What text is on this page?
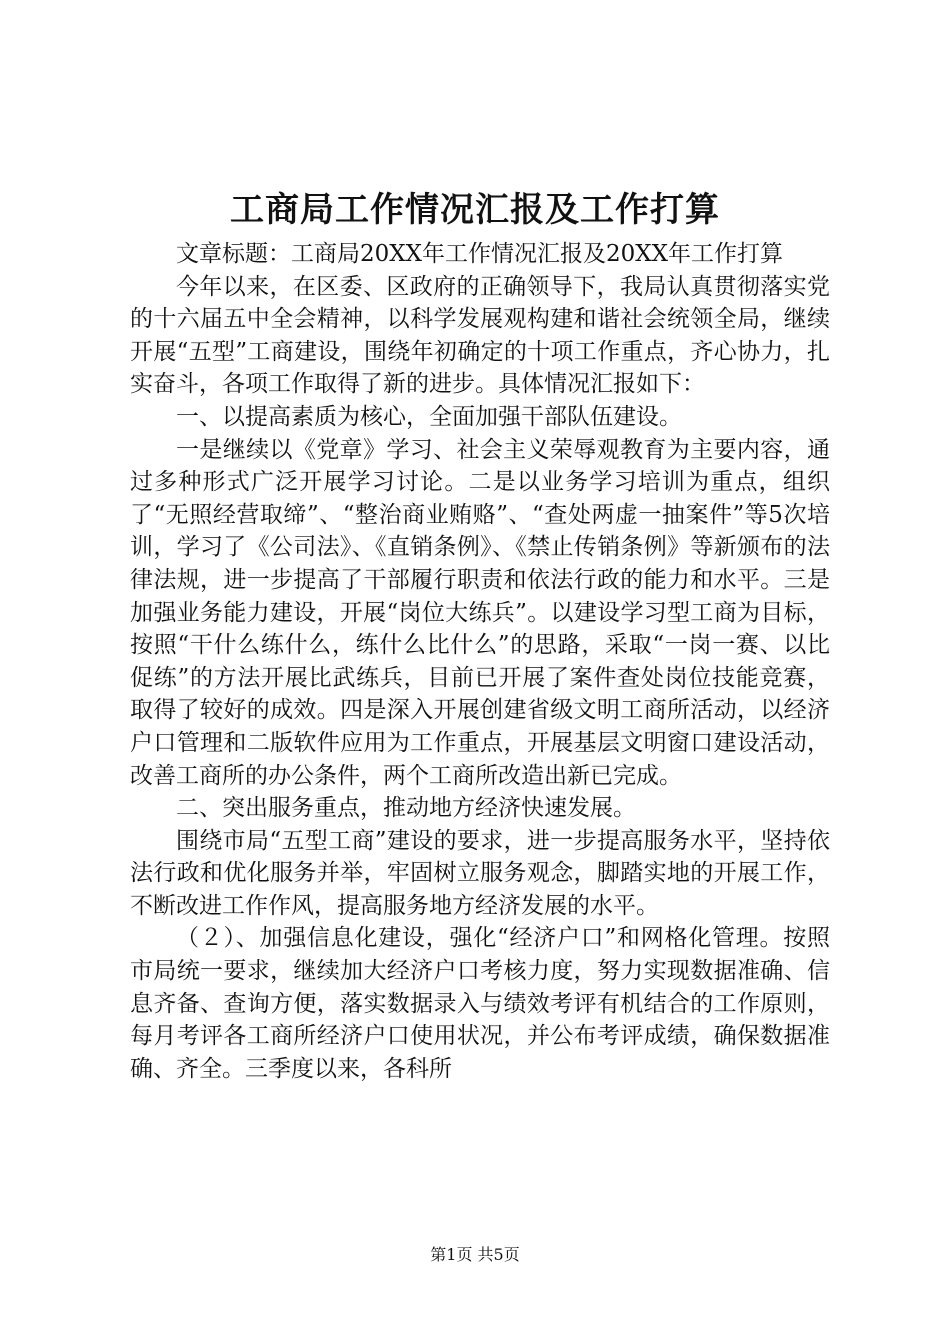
工商局工作情况汇报及工作打算

文章标题：工商局20XX年工作情况汇报及20XX年工作打算

今年以来，在区委、区政府的正确领导下，我局认真贯彻落实党的十六届五中全会精神，以科学发展观构建和谐社会统领全局，继续开展“五型”工商建设，围绕年初确定的十项工作重点，齐心协力，扎实奋斗，各项工作取得了新的进步。具体情况汇报如下：

一、以提高素质为核心，全面加强干部队伍建设。

一是继续以《党章》学习、社会主义荣辱观教育为主要内容，通过多种形式广泛开展学习讨论。二是以业务学习培训为重点，组织了“无照经营取缔”、“整治商业贿赂”、“查处两虚一抽案件”等5次培训，学习了《公司法》、《直销条例》、《禁止传销条例》等新颁布的法律法规，进一步提高了干部履行职责和依法行政的能力和水平。三是加强业务能力建设，开展“岗位大练兵”。以建设学习型工商为目标，按照“干什么练什么，练什么比什么”的思路，采取“一岗一赛、以比促练”的方法开展比武练兵，目前已开展了案件查处岗位技能竞赛，取得了较好的成效。四是深入开展创建省级文明工商所活动，以经济户口管理和二版软件应用为工作重点，开展基层文明窗口建设活动，改善工商所的办公条件，两个工商所改造出新已完成。

二、突出服务重点，推动地方经济快速发展。

围绕市局“五型工商”建设的要求，进一步提高服务水平，坚持依法行政和优化服务并举，牢固树立服务观念，脚踏实地的开展工作，不断改进工作作风，提高服务地方经济发展的水平。

（２）、加强信息化建设，强化“经济户口”和网格化管理。按照市局统一要求，继续加大经济户口考核力度，努力实现数据准确、信息齐备、查询方便，落实数据录入与绩效考评有机结合的工作原则，每月考评各工商所经济户口使用状况，并公布考评成绩，确保数据准确、齐全。三季度以来，各科所

第1页 共5页
